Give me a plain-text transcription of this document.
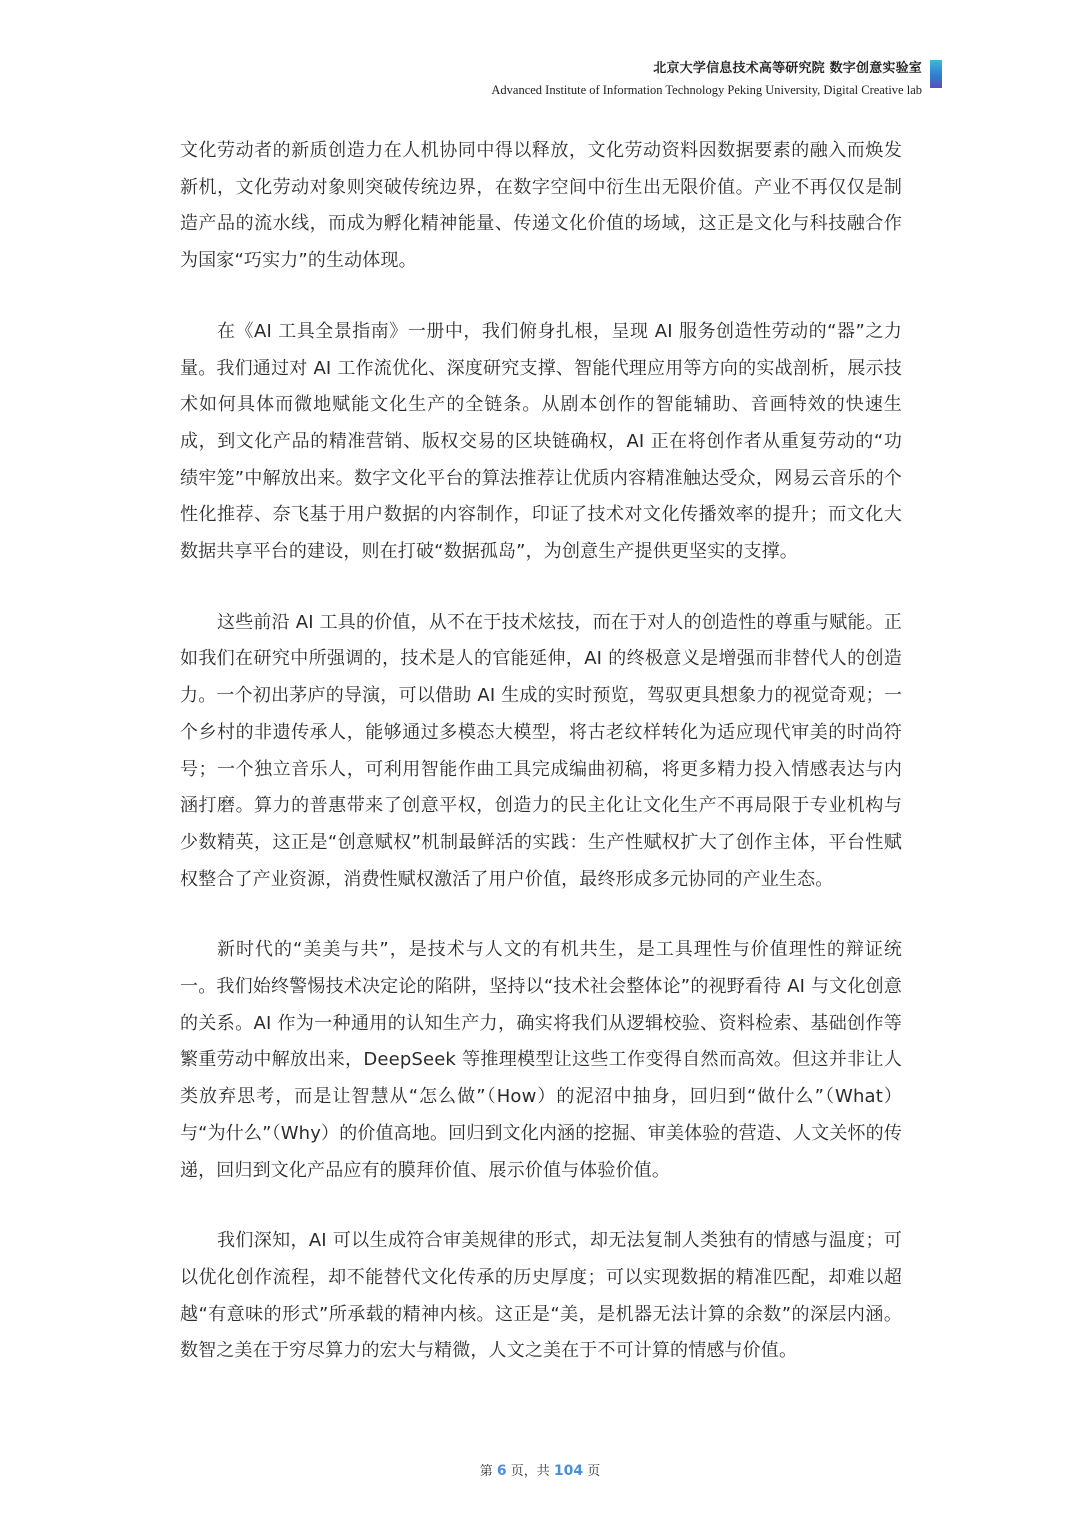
北京大学信息技术高等研究院 数字创意实验室
Advanced Institute of Information Technology Peking University, Digital Creative lab

文化劳动者的新质创造力在人机协同中得以释放，文化劳动资料因数据要素的融入而焕发新机，文化劳动对象则突破传统边界，在数字空间中衍生出无限价值。产业不再仅仅是制造产品的流水线，而成为孵化精神能量、传递文化价值的场域，这正是文化与科技融合作为国家“巧实力”的生动体现。

在《AI 工具全景指南》一册中，我们俯身扎根，呈现 AI 服务创造性劳动的“器”之力量。我们通过对 AI 工作流优化、深度研究支撑、智能代理应用等方向的实战剖析，展示技术如何具体而微地赋能文化生产的全链条。从剧本创作的智能辅助、音画特效的快速生成，到文化产品的精准营销、版权交易的区块链确权，AI 正在将创作者从重复劳动的“功绩牢笼”中解放出来。数字文化平台的算法推荐让优质内容精准触达受众，网易云音乐的个性化推荐、奈飞基于用户数据的内容制作，印证了技术对文化传播效率的提升；而文化大数据共享平台的建设，则在打破“数据孤岛”，为创意生产提供更坚实的支撑。

这些前沿 AI 工具的价值，从不在于技术炫技，而在于对人的创造性的尊重与赋能。正如我们在研究中所强调的，技术是人的官能延伸，AI 的终极意义是增强而非替代人的创造力。一个初出茅庐的导演，可以借助 AI 生成的实时预览，驾驭更具想象力的视觉奇观；一个乡村的非遗传承人，能够通过多模态大模型，将古老纹样转化为适应现代审美的时尚符号；一个独立音乐人，可利用智能作曲工具完成编曲初稿，将更多精力投入情感表达与内涵打磨。算力的普惠带来了创意平权，创造力的民主化让文化生产不再局限于专业机构与少数精英，这正是“创意赋权”机制最鲜活的实践：生产性赋权扩大了创作主体，平台性赋权整合了产业资源，消费性赋权激活了用户价值，最终形成多元协同的产业生态。

新时代的“美美与共”，是技术与人文的有机共生，是工具理性与价值理性的辩证统一。我们始终警惕技术决定论的陷阱，坚持以“技术社会整体论”的视野看待 AI 与文化创意的关系。AI 作为一种通用的认知生产力，确实将我们从逻辑校验、资料检索、基础创作等繁重劳动中解放出来，DeepSeek 等推理模型让这些工作变得自然而高效。但这并非让人类放弃思考，而是让智慧从“怎么做”（How）的泥沼中抽身，回归到“做什么”（What）与“为什么”（Why）的价值高地。回归到文化内涵的挖掘、审美体验的营造、人文关怀的传递，回归到文化产品应有的膜拜价值、展示价值与体验价值。

我们深知，AI 可以生成符合审美规律的形式，却无法复制人类独有的情感与温度；可以优化创作流程，却不能替代文化传承的历史厚度；可以实现数据的精准匹配，却难以超越“有意味的形式”所承载的精神内核。这正是“美，是机器无法计算的余数”的深层内涵。数智之美在于穷尽算力的宏大与精微，人文之美在于不可计算的情感与价值。

第 6 页，共 104 页
